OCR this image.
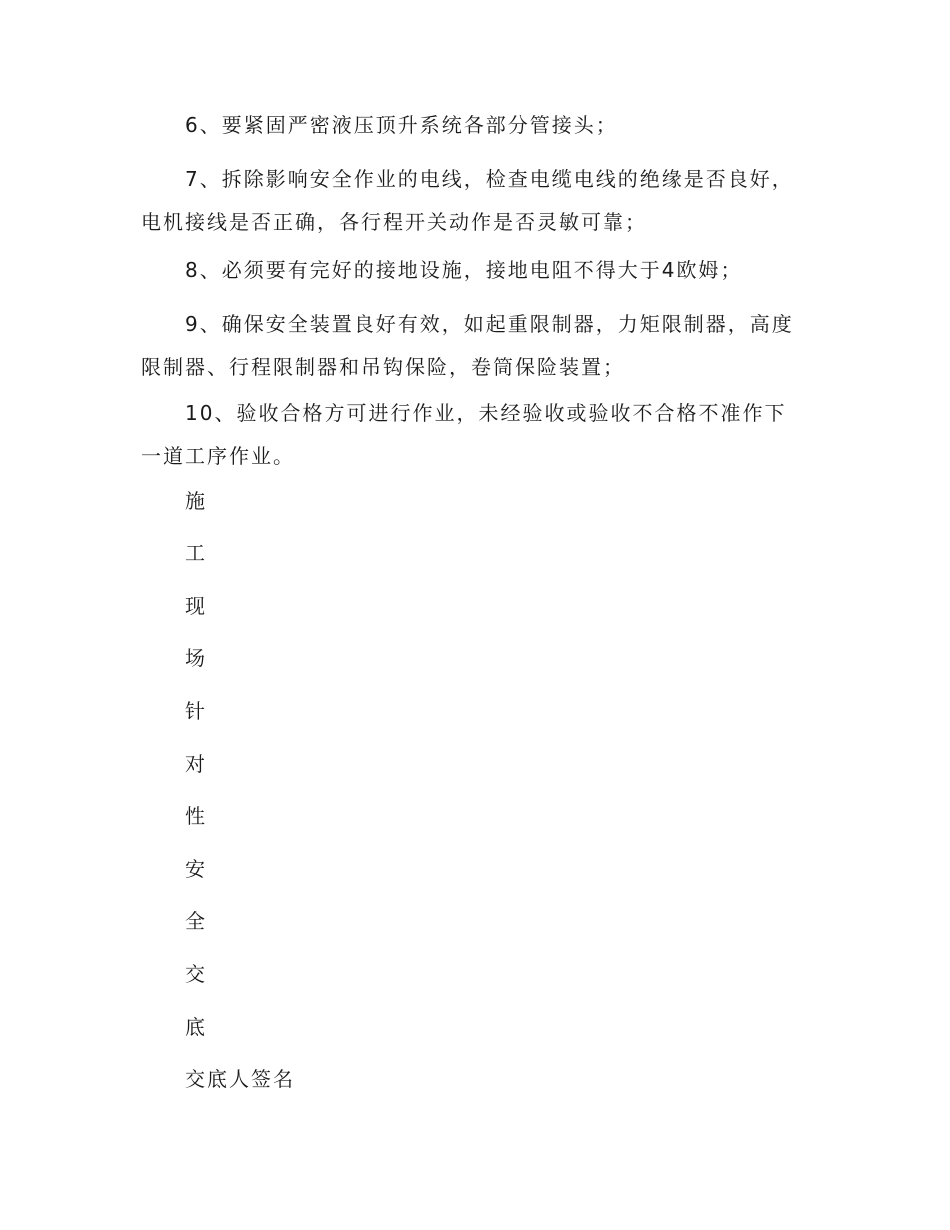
6、要紧固严密液压顶升系统各部分管接头；

7、拆除影响安全作业的电线，检查电缆电线的绝缘是否良好，电机接线是否正确，各行程开关动作是否灵敏可靠；

8、必须要有完好的接地设施，接地电阻不得大于4欧姆；

9、确保安全装置良好有效，如起重限制器，力矩限制器，高度限制器、行程限制器和吊钩保险，卷筒保险装置；

10、验收合格方可进行作业，未经验收或验收不合格不准作下一道工序作业。

施

工

现

场

针

对

性

安

全

交

底

交底人签名
